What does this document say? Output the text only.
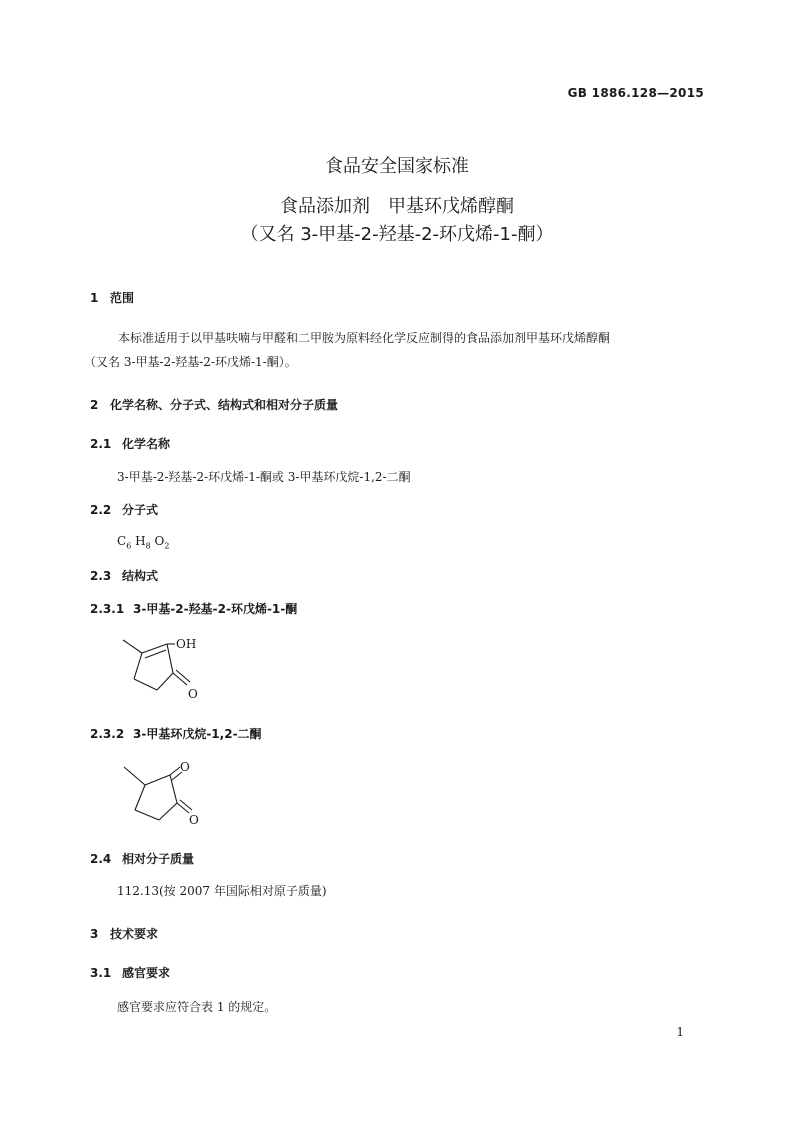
GB 1886.128—2015
食品安全国家标准
食品添加剂　甲基环戊烯醇酮
（又名 3-甲基-2-羟基-2-环戊烯-1-酮）
1 范围
本标准适用于以甲基呋喃与甲醛和二甲胺为原料经化学反应制得的食品添加剂甲基环戊烯醇酮
（又名 3-甲基-2-羟基-2-环戊烯-1-酮）。
2 化学名称、分子式、结构式和相对分子质量
2.1 化学名称
3-甲基-2-羟基-2-环戊烯-1-酮或 3-甲基环戊烷-1,2-二酮
2.2 分子式
$C_6$ $H_8$ $O_2$
2.3 结构式
2.3.1 3-甲基-2-羟基-2-环戊烯-1-酮
OH
O
2.3.2 3-甲基环戊烷-1,2-二酮
O
O
2.4 相对分子质量
112.13(按 2007 年国际相对原子质量)
3 技术要求
3.1 感官要求
感官要求应符合表 1 的规定。
1
